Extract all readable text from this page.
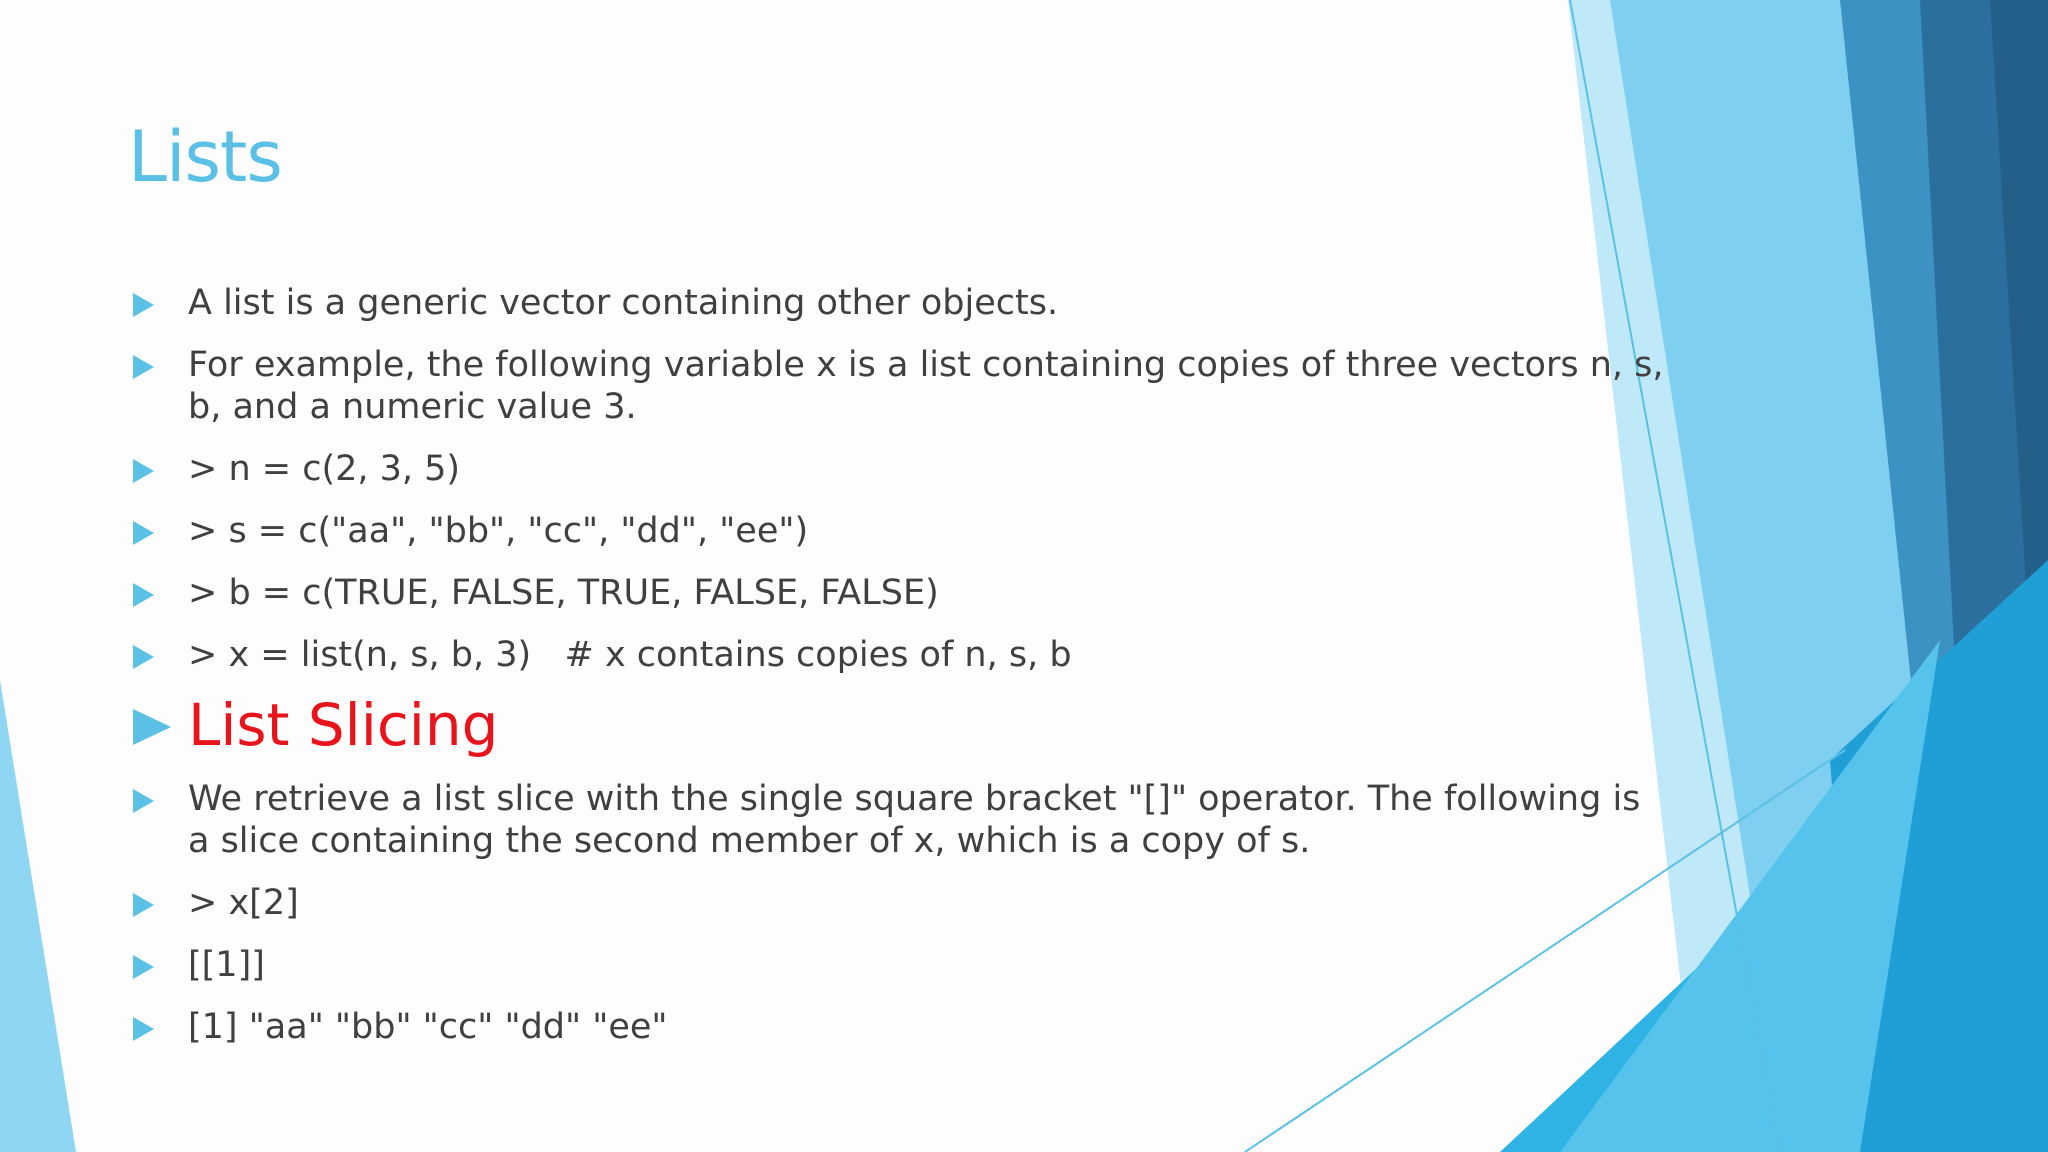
Lists
A list is a generic vector containing other objects.
For example, the following variable x is a list containing copies of three vectors n, s, b, and a numeric value 3.
> n = c(2, 3, 5)
> s = c("aa", "bb", "cc", "dd", "ee")
> b = c(TRUE, FALSE, TRUE, FALSE, FALSE)
> x = list(n, s, b, 3)   # x contains copies of n, s, b
List Slicing
We retrieve a list slice with the single square bracket "[]" operator. The following is a slice containing the second member of x, which is a copy of s.
> x[2]
[[1]]
[1] "aa" "bb" "cc" "dd" "ee"
